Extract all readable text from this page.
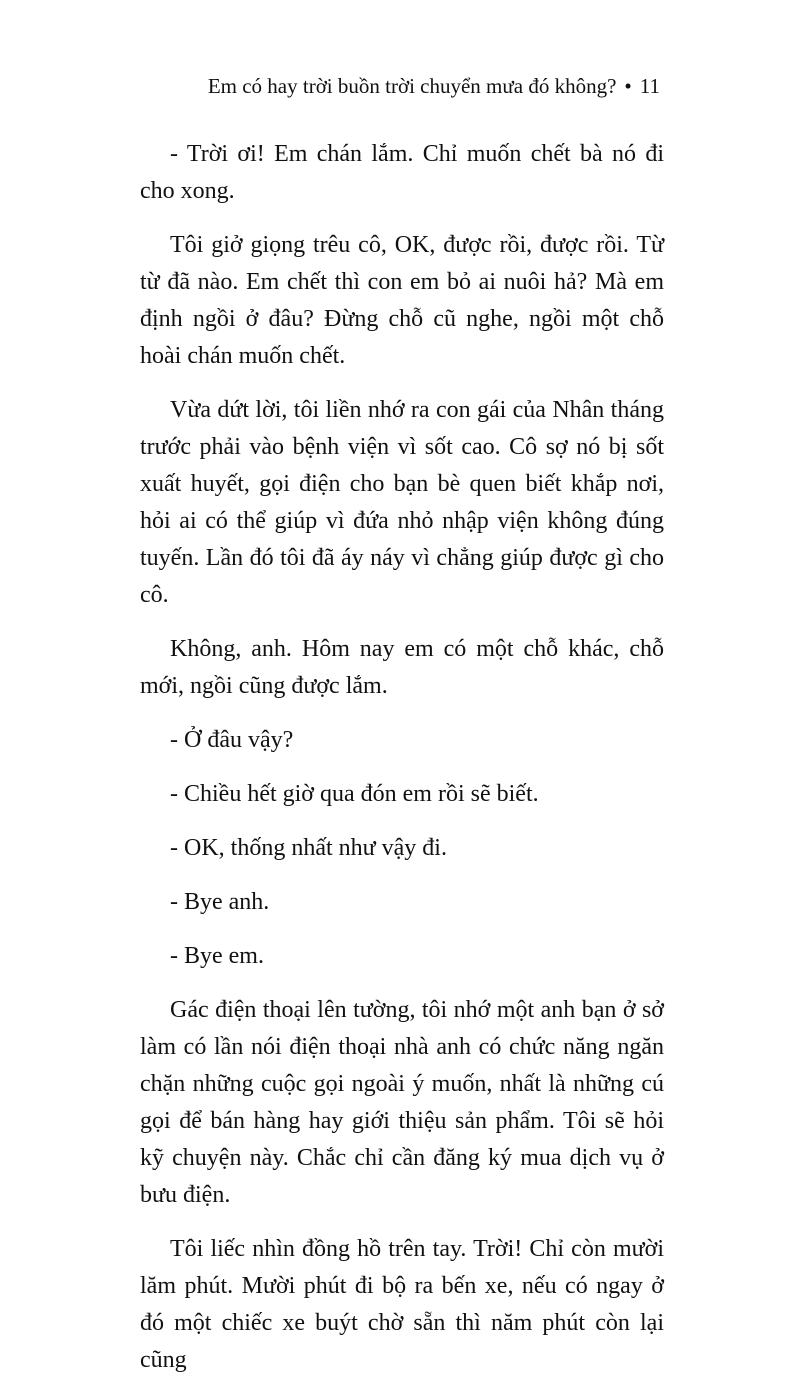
Em có hay trời buồn trời chuyển mưa đó không? • 11

- Trời ơi! Em chán lắm. Chỉ muốn chết bà nó đi cho xong.

Tôi giở giọng trêu cô, OK, được rồi, được rồi. Từ từ đã nào. Em chết thì con em bỏ ai nuôi hả? Mà em định ngồi ở đâu? Đừng chỗ cũ nghe, ngồi một chỗ hoài chán muốn chết.

Vừa dứt lời, tôi liền nhớ ra con gái của Nhân tháng trước phải vào bệnh viện vì sốt cao. Cô sợ nó bị sốt xuất huyết, gọi điện cho bạn bè quen biết khắp nơi, hỏi ai có thể giúp vì đứa nhỏ nhập viện không đúng tuyến. Lần đó tôi đã áy náy vì chẳng giúp được gì cho cô.

Không, anh. Hôm nay em có một chỗ khác, chỗ mới, ngồi cũng được lắm.

- Ở đâu vậy?

- Chiều hết giờ qua đón em rồi sẽ biết.

- OK, thống nhất như vậy đi.

- Bye anh.

- Bye em.

Gác điện thoại lên tường, tôi nhớ một anh bạn ở sở làm có lần nói điện thoại nhà anh có chức năng ngăn chặn những cuộc gọi ngoài ý muốn, nhất là những cú gọi để bán hàng hay giới thiệu sản phẩm. Tôi sẽ hỏi kỹ chuyện này. Chắc chỉ cần đăng ký mua dịch vụ ở bưu điện.

Tôi liếc nhìn đồng hồ trên tay. Trời! Chỉ còn mười lăm phút. Mười phút đi bộ ra bến xe, nếu có ngay ở đó một chiếc xe buýt chờ sẵn thì năm phút còn lại cũng
